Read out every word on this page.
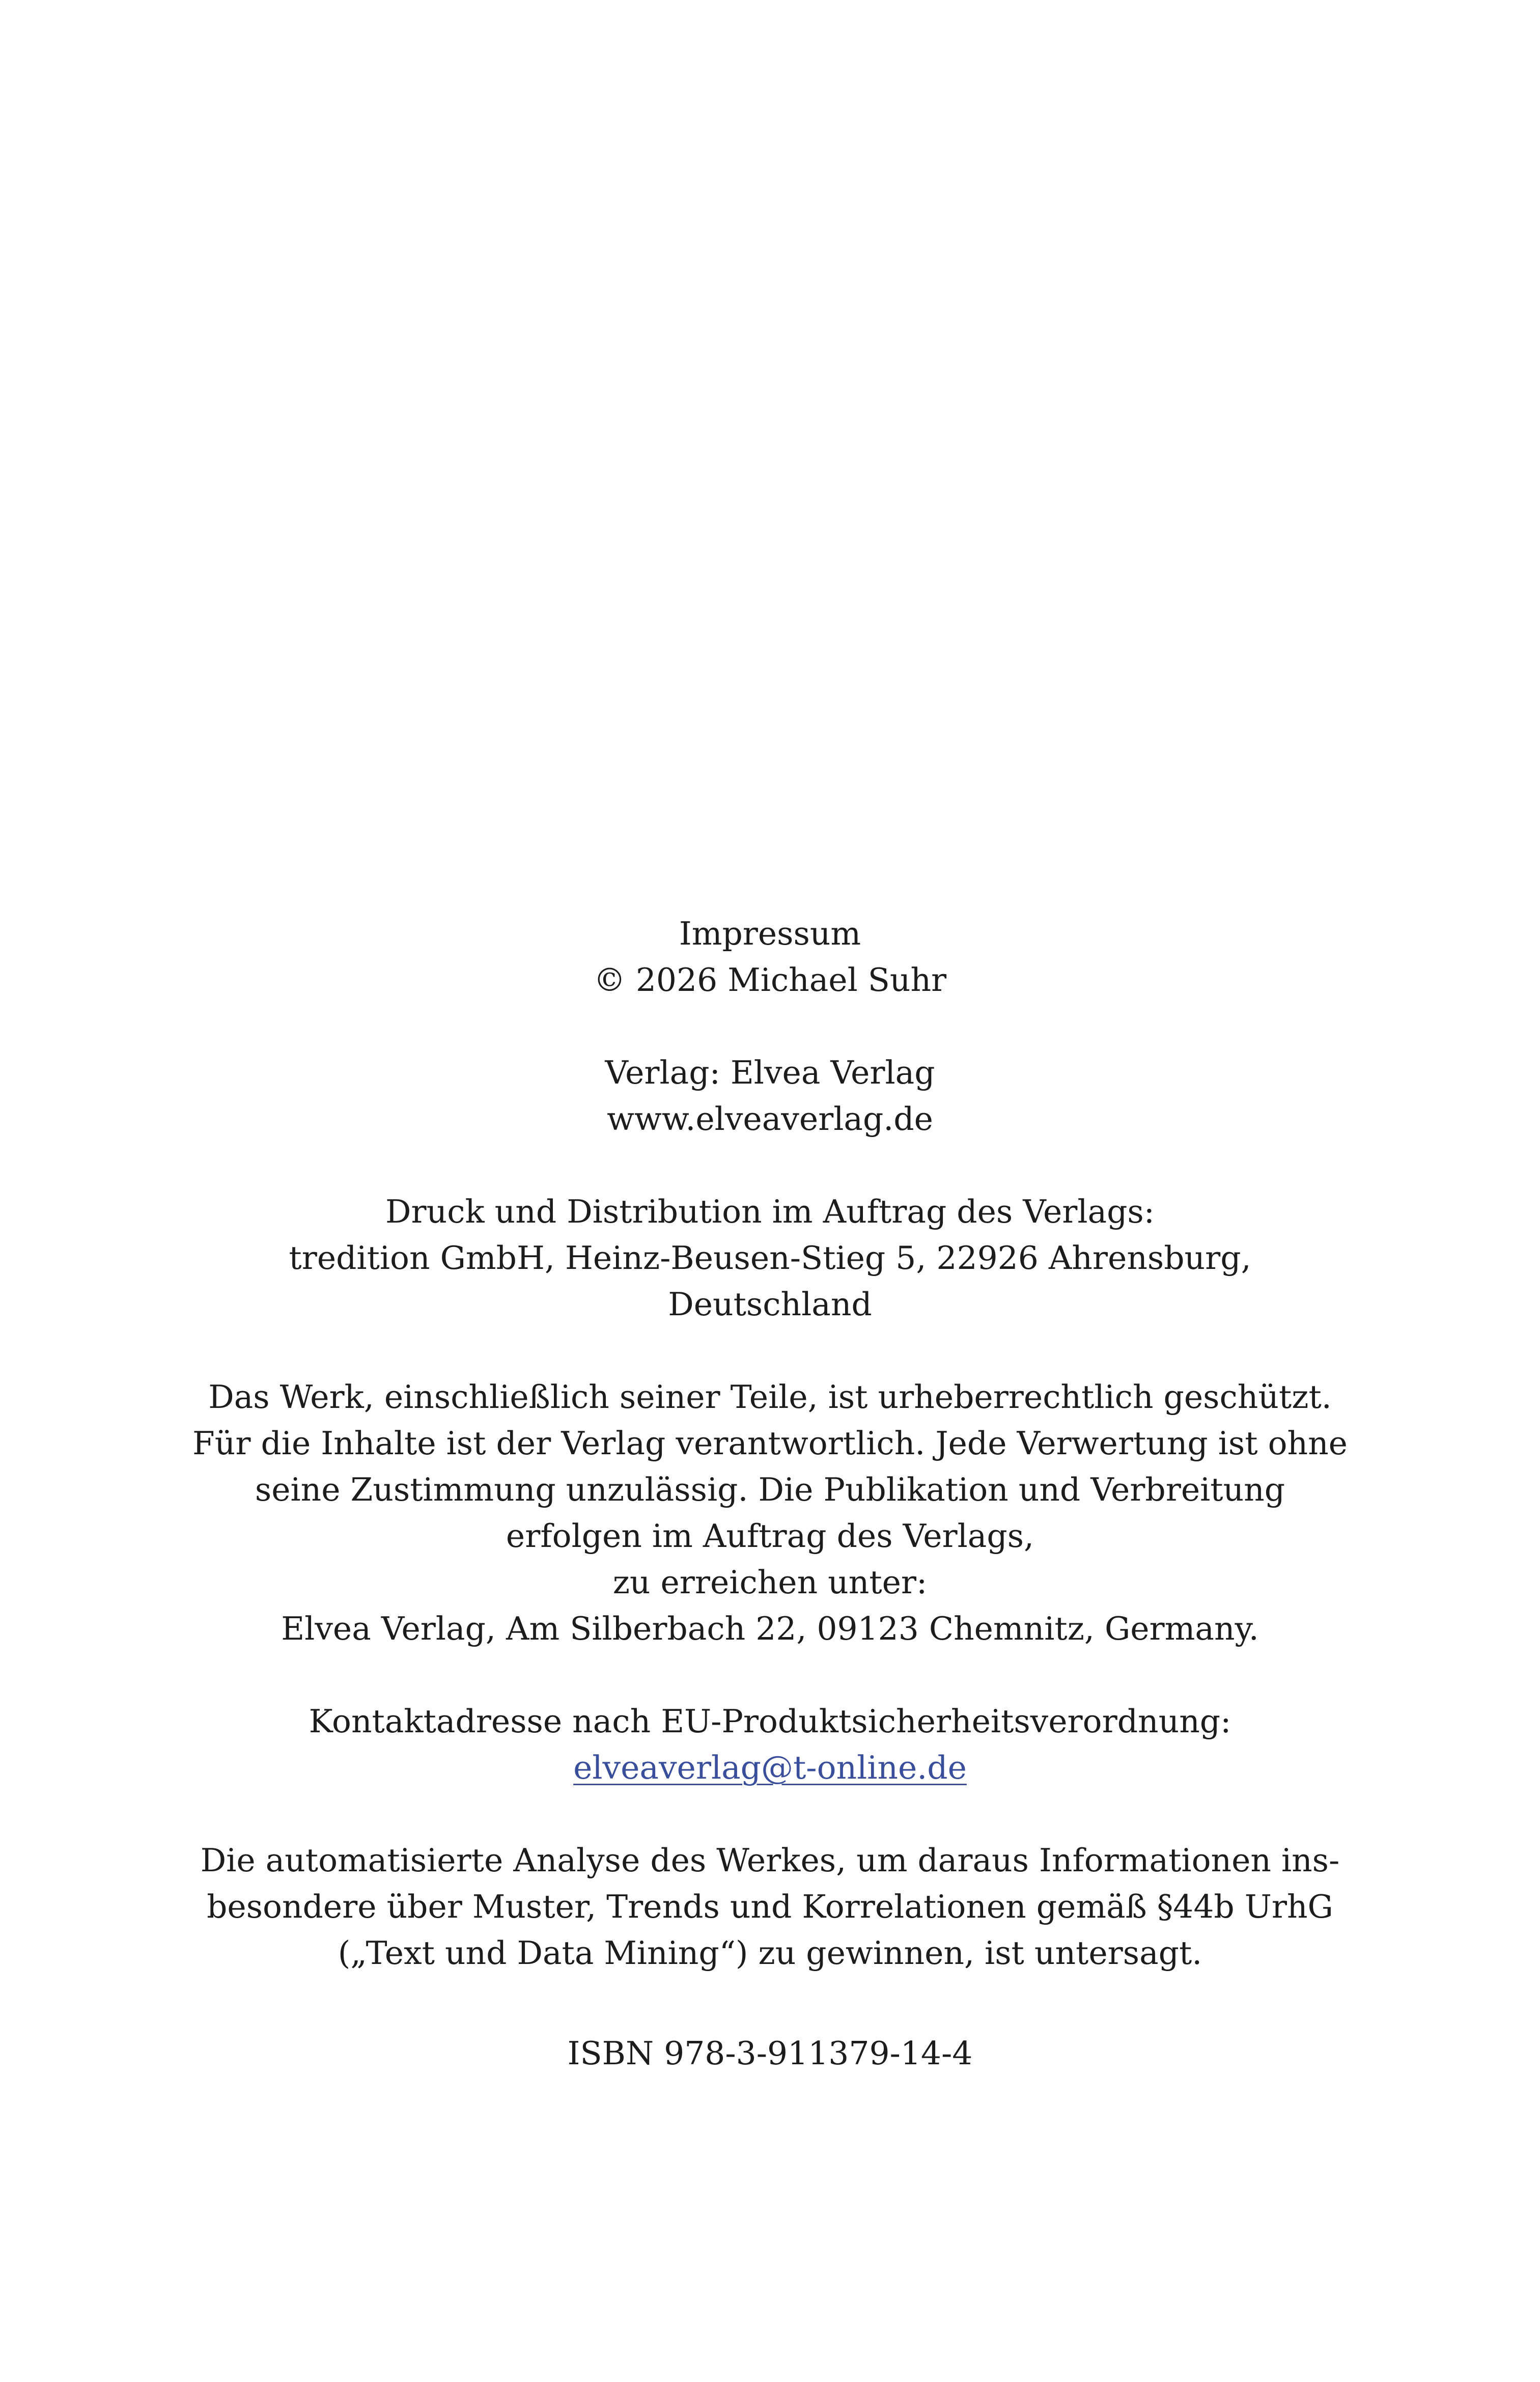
Impressum
© 2026 Michael Suhr
Verlag: Elvea Verlag
www.elveaverlag.de
Druck und Distribution im Auftrag des Verlags:
tredition GmbH, Heinz-Beusen-Stieg 5, 22926 Ahrensburg,
Deutschland
Das Werk, einschließlich seiner Teile, ist urheberrechtlich geschützt.
Für die Inhalte ist der Verlag verantwortlich. Jede Verwertung ist ohne
seine Zustimmung unzulässig. Die Publikation und Verbreitung
erfolgen im Auftrag des Verlags,
zu erreichen unter:
Elvea Verlag, Am Silberbach 22, 09123 Chemnitz, Germany.
Kontaktadresse nach EU-Produktsicherheitsverordnung:
elveaverlag@t-online.de
Die automatisierte Analyse des Werkes, um daraus Informationen ins-
besondere über Muster, Trends und Korrelationen gemäß §44b UrhG
(„Text und Data Mining“) zu gewinnen, ist untersagt.
ISBN 978-3-911379-14-4
